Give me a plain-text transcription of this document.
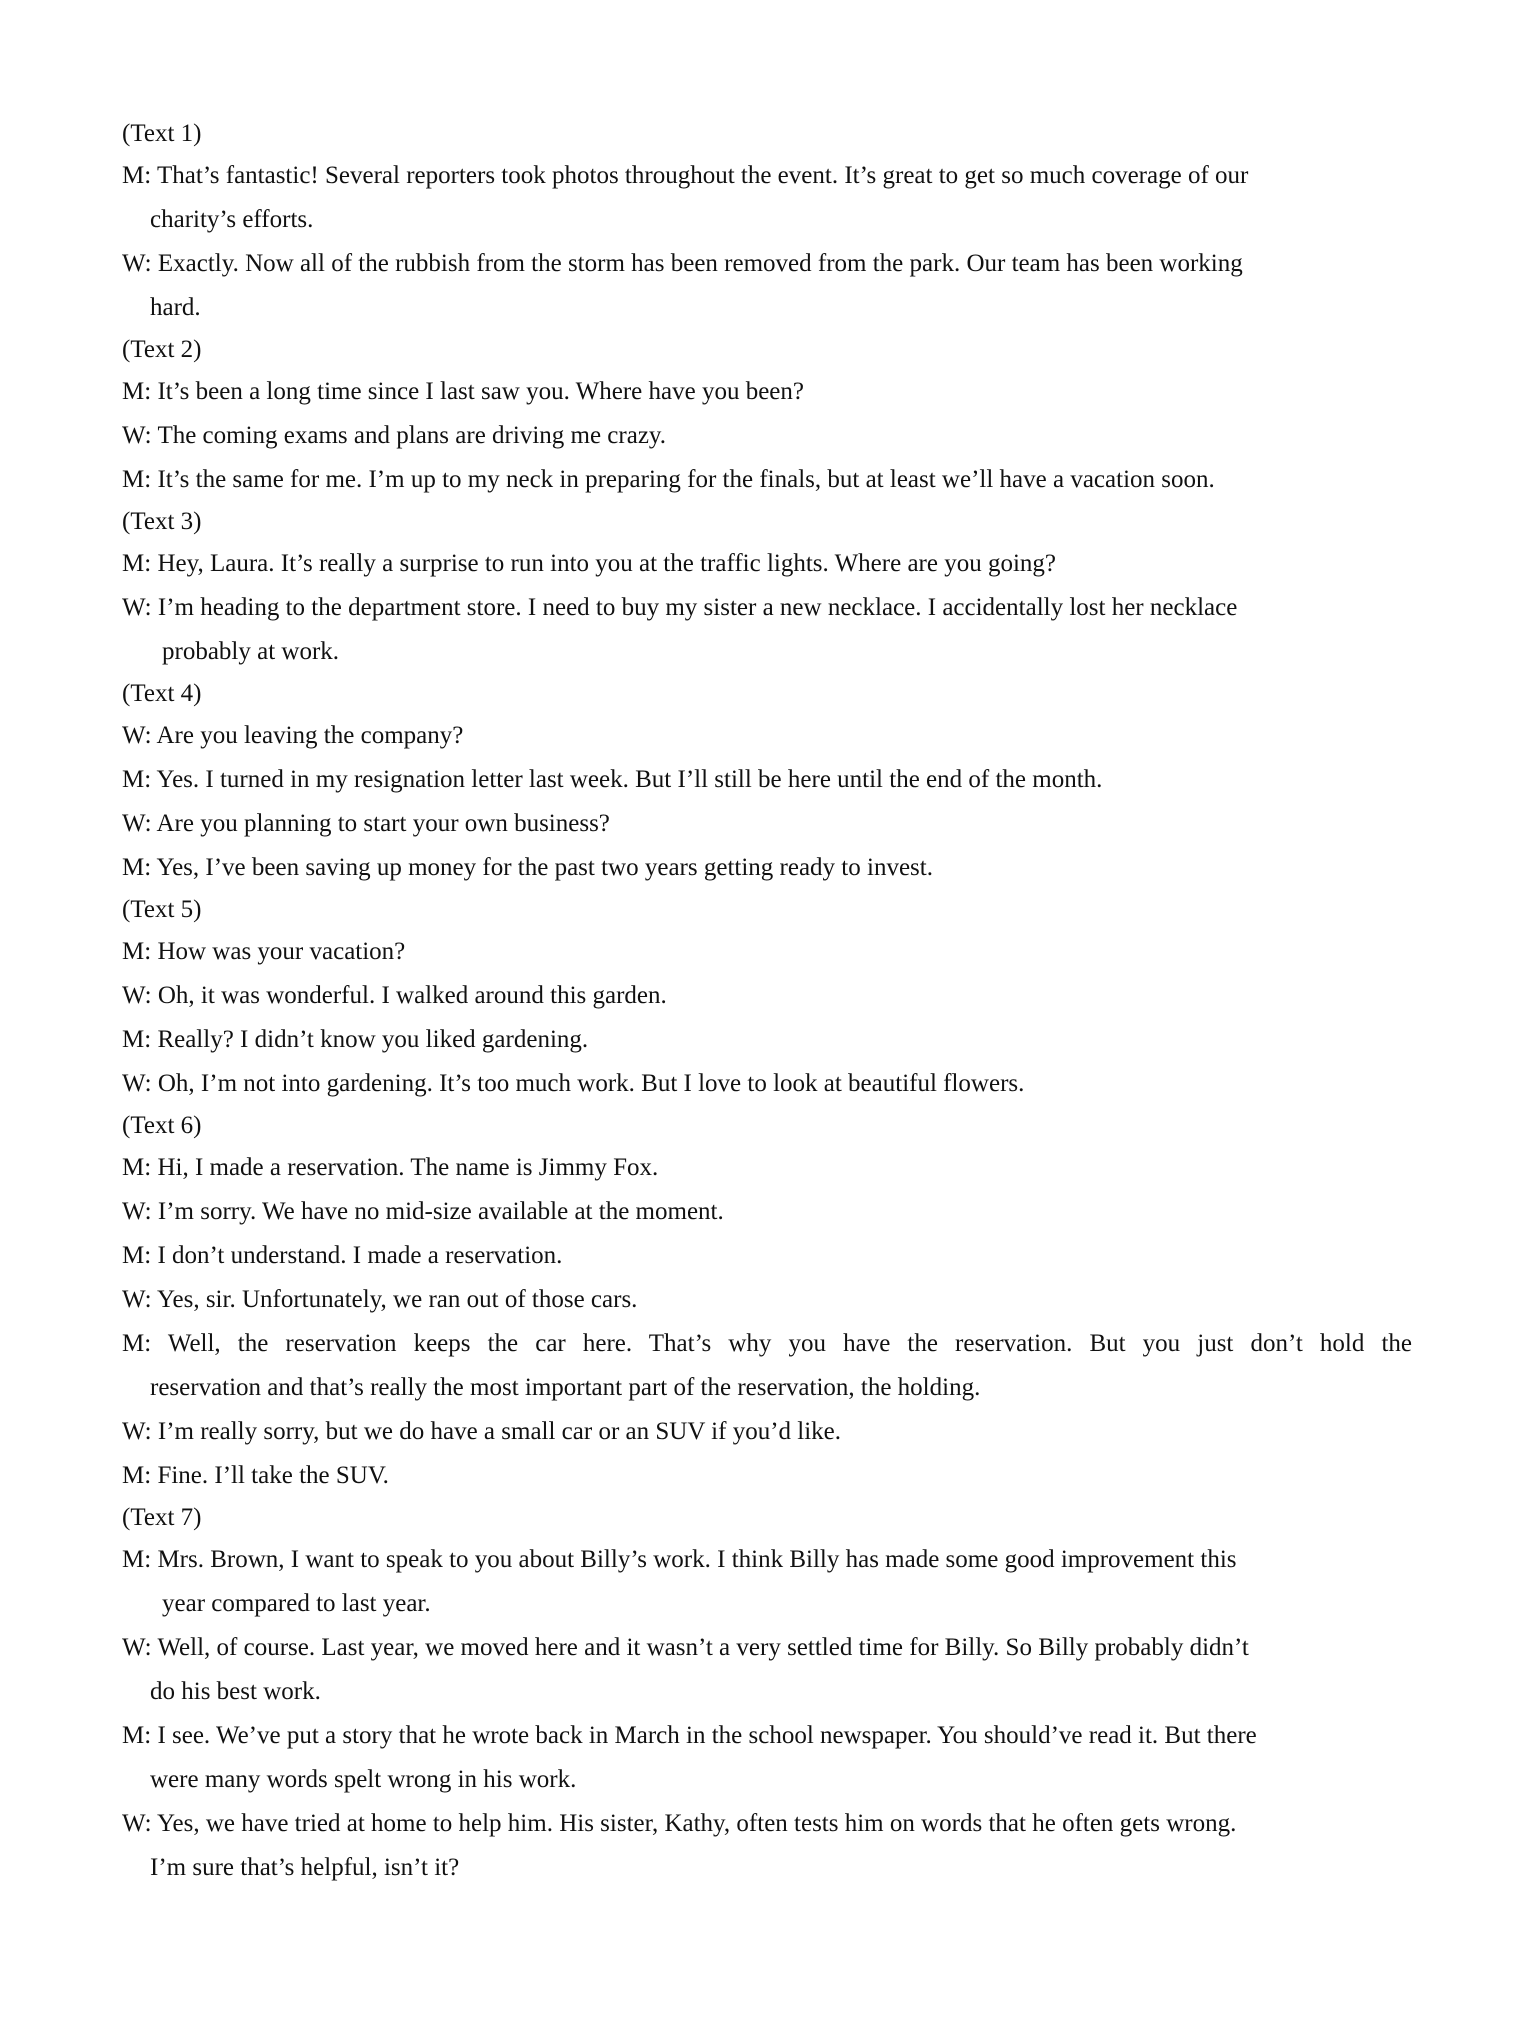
(Text 1)
M: That’s fantastic! Several reporters took photos throughout the event. It’s great to get so much coverage of our
charity’s efforts.
W: Exactly. Now all of the rubbish from the storm has been removed from the park. Our team has been working
hard.
(Text 2)
M: It’s been a long time since I last saw you. Where have you been?
W: The coming exams and plans are driving me crazy.
M: It’s the same for me. I’m up to my neck in preparing for the finals, but at least we’ll have a vacation soon.
(Text 3)
M: Hey, Laura. It’s really a surprise to run into you at the traffic lights. Where are you going?
W: I’m heading to the department store. I need to buy my sister a new necklace. I accidentally lost her necklace
probably at work.
(Text 4)
W: Are you leaving the company?
M: Yes. I turned in my resignation letter last week. But I’ll still be here until the end of the month.
W: Are you planning to start your own business?
M: Yes, I’ve been saving up money for the past two years getting ready to invest.
(Text 5)
M: How was your vacation?
W: Oh, it was wonderful. I walked around this garden.
M: Really? I didn’t know you liked gardening.
W: Oh, I’m not into gardening. It’s too much work. But I love to look at beautiful flowers.
(Text 6)
M: Hi, I made a reservation. The name is Jimmy Fox.
W: I’m sorry. We have no mid-size available at the moment.
M: I don’t understand. I made a reservation.
W: Yes, sir. Unfortunately, we ran out of those cars.
M: Well, the reservation keeps the car here. That’s why you have the reservation. But you just don’t hold the
reservation and that’s really the most important part of the reservation, the holding.
W: I’m really sorry, but we do have a small car or an SUV if you’d like.
M: Fine. I’ll take the SUV.
(Text 7)
M: Mrs. Brown, I want to speak to you about Billy’s work. I think Billy has made some good improvement this
year compared to last year.
W: Well, of course. Last year, we moved here and it wasn’t a very settled time for Billy. So Billy probably didn’t
do his best work.
M: I see. We’ve put a story that he wrote back in March in the school newspaper. You should’ve read it. But there
were many words spelt wrong in his work.
W: Yes, we have tried at home to help him. His sister, Kathy, often tests him on words that he often gets wrong.
I’m sure that’s helpful, isn’t it?
